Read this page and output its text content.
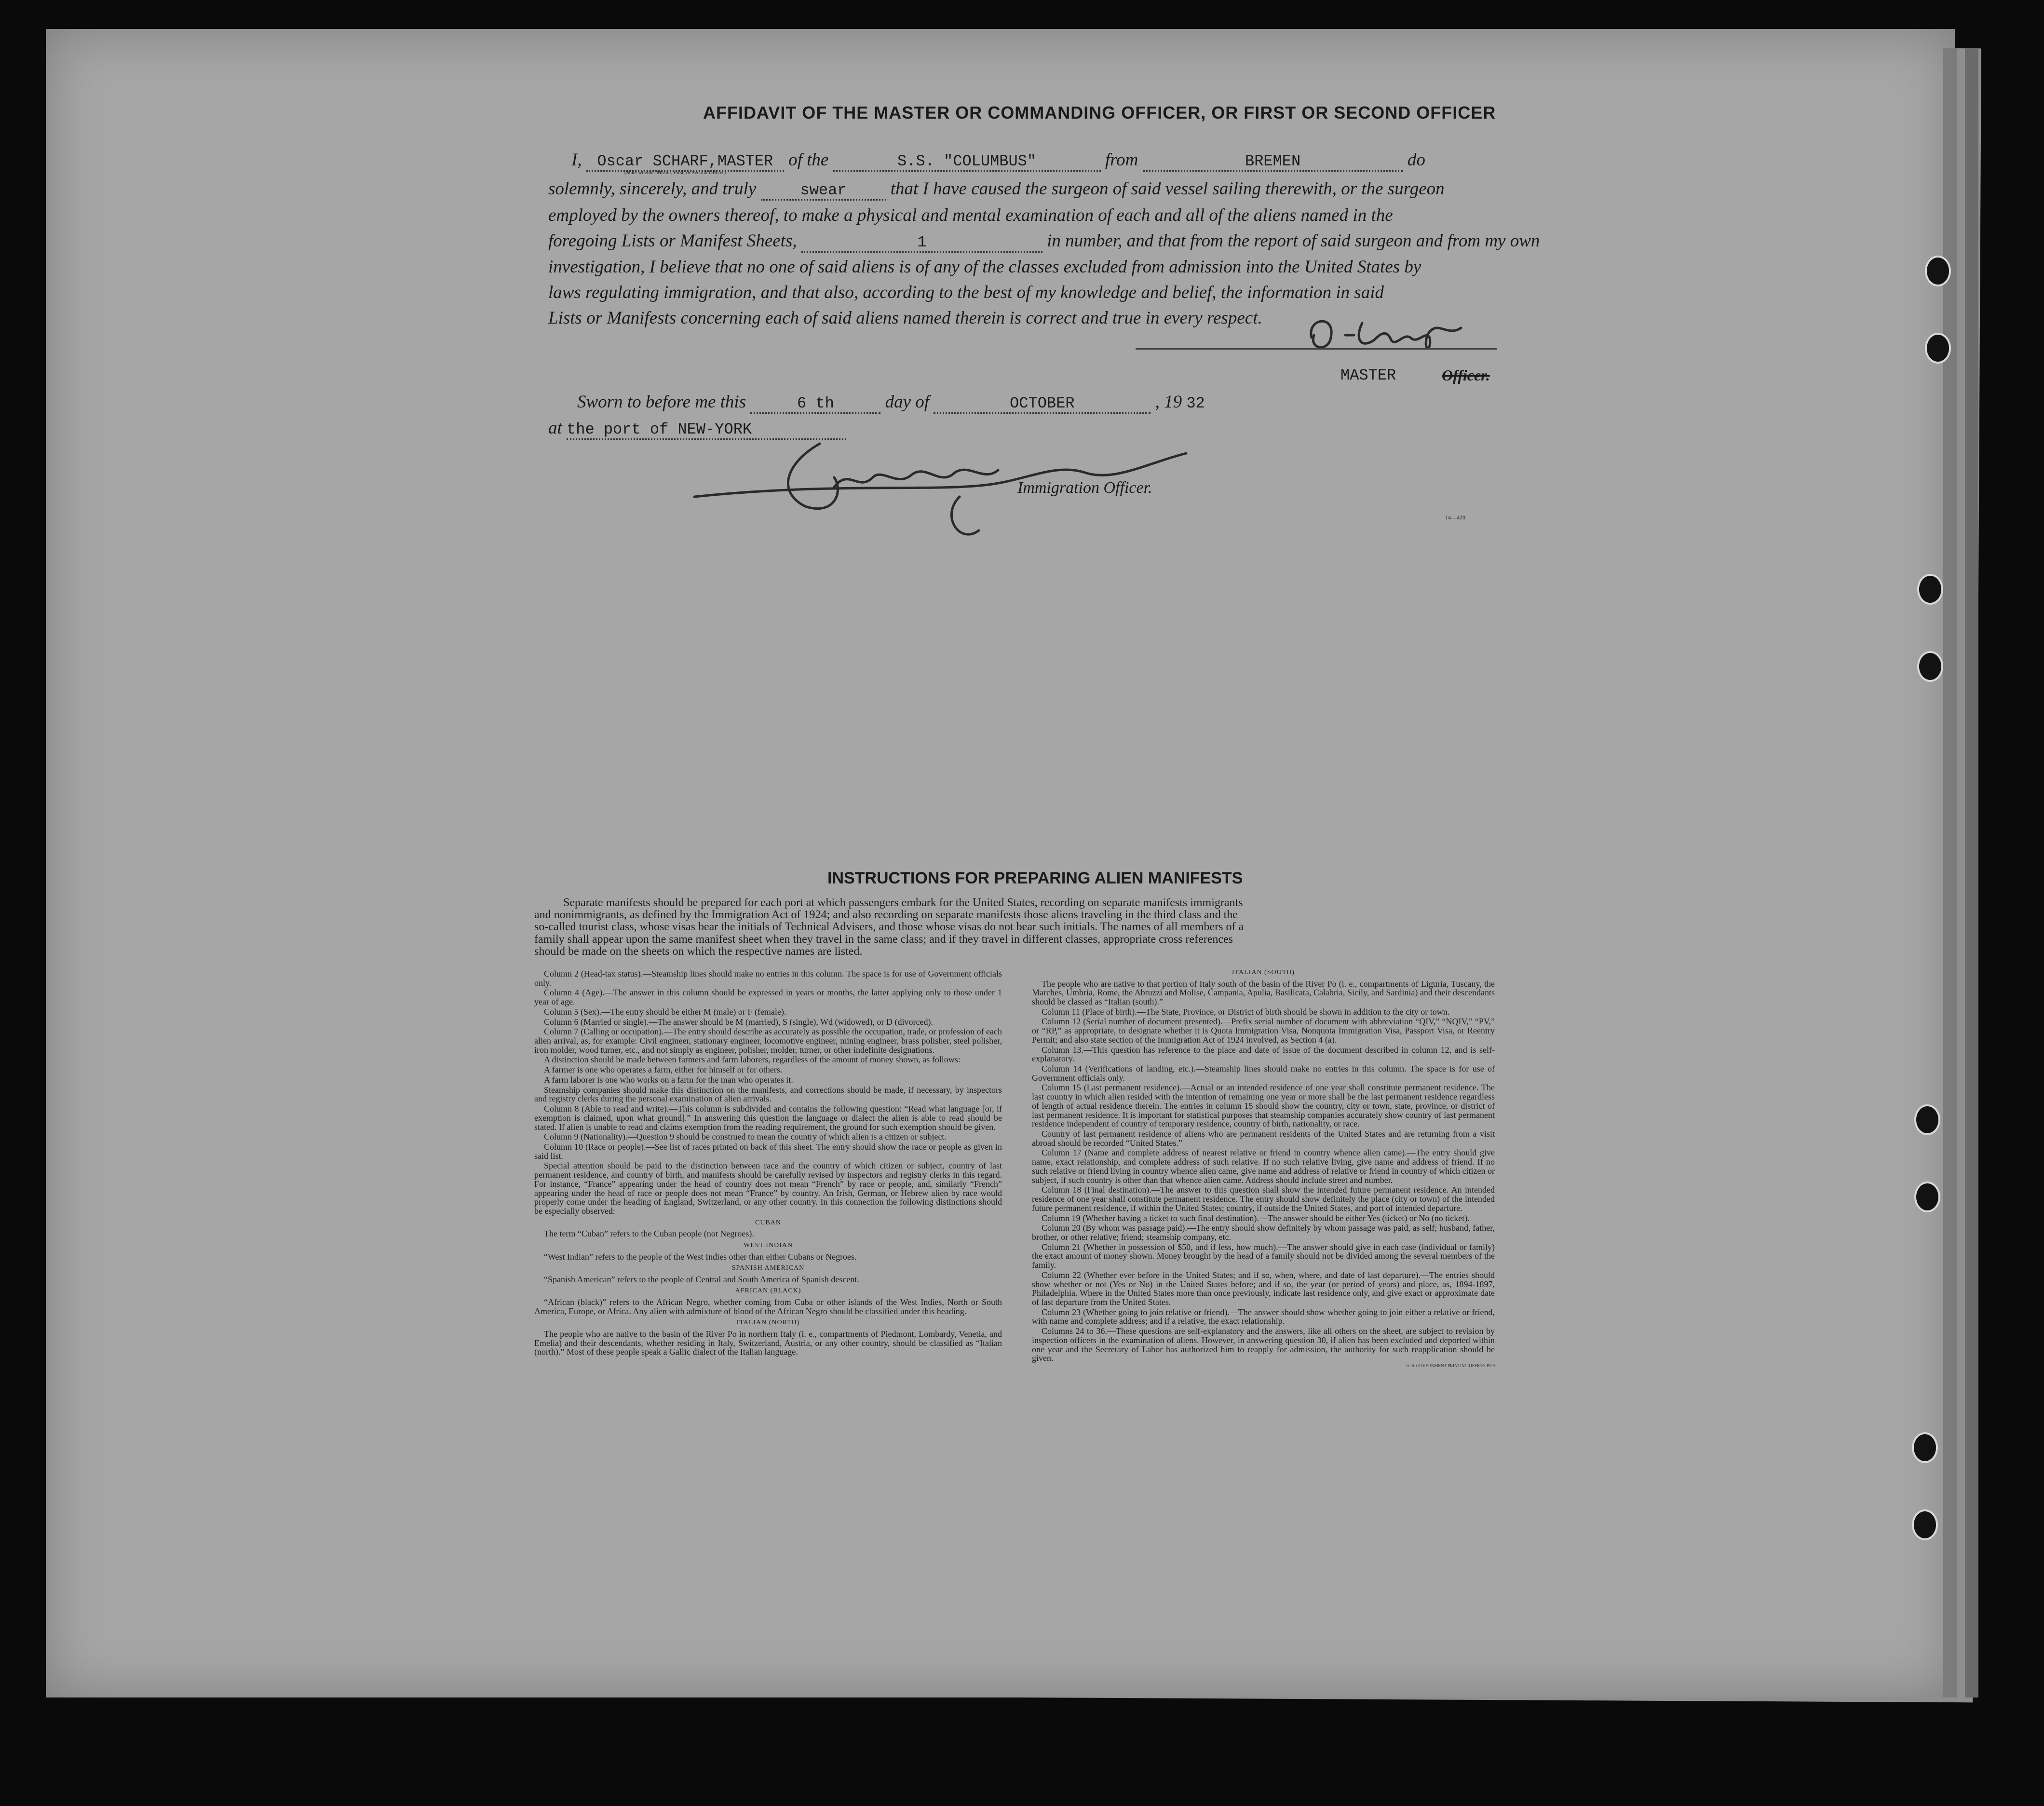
AFFIDAVIT OF THE MASTER OR COMMANDING OFFICER, OR FIRST OR SECOND OFFICER
I, Oscar SCHARF,MASTER of the	S.S. "COLUMBUS"	from	BREMEN	do
(State whether Master, First, or Second Officer)
solemnly, sincerely, and truly	swear that I have caused the surgeon of said vessel sailing therewith, or the surgeon
employed by the owners thereof, to make a physical and mental examination of each and all of the aliens named in the
foregoing Lists or Manifest Sheets,	1	in number, and that from the report of said surgeon and from my own
investigation, I believe that no one of said aliens is of any of the classes excluded from admission into the United States by
laws regulating immigration, and that also, according to the best of my knowledge and belief, the information in said
Lists or Manifests concerning each of said aliens named therein is correct and true in every respect.
MASTER	Officer.
Sworn to before me this	6 th	day of	OCTOBER	, 19 32
at the port of NEW-YORK
Immigration Officer.
14—420
INSTRUCTIONS FOR PREPARING ALIEN MANIFESTS
Separate manifests should be prepared for each port at which passengers embark for the United States, recording on separate manifests immigrants
and nonimmigrants, as defined by the Immigration Act of 1924; and also recording on separate manifests those aliens traveling in the third class and the
so-called tourist class, whose visas bear the initials of Technical Advisers, and those whose visas do not bear such initials. The names of all members of a
family shall appear upon the same manifest sheet when they travel in the same class; and if they travel in different classes, appropriate cross references
should be made on the sheets on which the respective names are listed.

Column 2 (Head-tax status).—Steamship lines should make no entries in this column. The space is for use of Government officials only.

Column 4 (Age).—The answer in this column should be expressed in years or months, the latter applying only to those under 1 year of age.

Column 5 (Sex).—The entry should be either M (male) or F (female).

Column 6 (Married or single).—The answer should be M (married), S (single), Wd (widowed), or D (divorced).

Column 7 (Calling or occupation).—The entry should describe as accurately as possible the occupation, trade, or profession of each alien arrival, as, for example: Civil engineer, stationary engineer, locomotive engineer, mining engineer, brass polisher, steel polisher, iron molder, wood turner, etc., and not simply as engineer, polisher, molder, turner, or other indefinite designations.

A distinction should be made between farmers and farm laborers, regardless of the amount of money shown, as follows:

A farmer is one who operates a farm, either for himself or for others.

A farm laborer is one who works on a farm for the man who operates it.

Steamship companies should make this distinction on the manifests, and corrections should be made, if necessary, by inspectors and registry clerks during the personal examination of alien arrivals.

Column 8 (Able to read and write).—This column is subdivided and contains the following question: “Read what language [or, if exemption is claimed, upon what ground].” In answering this question the language or dialect the alien is able to read should be stated. If alien is unable to read and claims exemption from the reading requirement, the ground for such exemption should be given.

Column 9 (Nationality).—Question 9 should be construed to mean the country of which alien is a citizen or subject.

Column 10 (Race or people).—See list of races printed on back of this sheet. The entry should show the race or people as given in said list.

Special attention should be paid to the distinction between race and the country of which citizen or subject, country of last permanent residence, and country of birth, and manifests should be carefully revised by inspectors and registry clerks in this regard. For instance, “France” appearing under the head of country does not mean “French” by race or people, and, similarly “French” appearing under the head of race or people does not mean “France” by country. An Irish, German, or Hebrew alien by race would properly come under the heading of England, Switzerland, or any other country. In this connection the following distinctions should be especially observed:

CUBAN

The term “Cuban” refers to the Cuban people (not Negroes).

WEST INDIAN

“West Indian” refers to the people of the West Indies other than either Cubans or Negroes.

SPANISH AMERICAN

“Spanish American” refers to the people of Central and South America of Spanish descent.

AFRICAN (BLACK)

“African (black)” refers to the African Negro, whether coming from Cuba or other islands of the West Indies, North or South America, Europe, or Africa. Any alien with admixture of blood of the African Negro should be classified under this heading.

ITALIAN (NORTH)

The people who are native to the basin of the River Po in northern Italy (i. e., compartments of Piedmont, Lombardy, Venetia, and Emelia) and their descendants, whether residing in Italy, Switzerland, Austria, or any other country, should be classified as “Italian (north).” Most of these people speak a Gallic dialect of the Italian language.

ITALIAN (SOUTH)

The people who are native to that portion of Italy south of the basin of the River Po (i. e., compartments of Liguria, Tuscany, the Marches, Umbria, Rome, the Abruzzi and Molise, Campania, Apulia, Basilicata, Calabria, Sicily, and Sardinia) and their descendants should be classed as “Italian (south).”

Column 11 (Place of birth).—The State, Province, or District of birth should be shown in addition to the city or town.

Column 12 (Serial number of document presented).—Prefix serial number of document with abbreviation “QIV,” “NQIV,” “PV,” or “RP,” as appropriate, to designate whether it is Quota Immigration Visa, Nonquota Immigration Visa, Passport Visa, or Reentry Permit; and also state section of the Immigration Act of 1924 involved, as Section 4 (a).

Column 13.—This question has reference to the place and date of issue of the document described in column 12, and is self-explanatory.

Column 14 (Verifications of landing, etc.).—Steamship lines should make no entries in this column. The space is for use of Government officials only.

Column 15 (Last permanent residence).—Actual or an intended residence of one year shall constitute permanent residence. The last country in which alien resided with the intention of remaining one year or more shall be the last permanent residence regardless of length of actual residence therein. The entries in column 15 should show the country, city or town, state, province, or district of last permanent residence. It is important for statistical purposes that steamship companies accurately show country of last permanent residence independent of country of temporary residence, country of birth, nationality, or race.

Country of last permanent residence of aliens who are permanent residents of the United States and are returning from a visit abroad should be recorded “United States.”

Column 17 (Name and complete address of nearest relative or friend in country whence alien came).—The entry should give name, exact relationship, and complete address of such relative. If no such relative living, give name and address of friend. If no such relative or friend living in country whence alien came, give name and address of relative or friend in country of which citizen or subject, if such country is other than that whence alien came. Address should include street and number.

Column 18 (Final destination).—The answer to this question shall show the intended future permanent residence. An intended residence of one year shall constitute permanent residence. The entry should show definitely the place (city or town) of the intended future permanent residence, if within the United States; country, if outside the United States, and port of intended departure.

Column 19 (Whether having a ticket to such final destination).—The answer should be either Yes (ticket) or No (no ticket).

Column 20 (By whom was passage paid).—The entry should show definitely by whom passage was paid, as self; husband, father, brother, or other relative; friend; steamship company, etc.

Column 21 (Whether in possession of $50, and if less, how much).—The answer should give in each case (individual or family) the exact amount of money shown. Money brought by the head of a family should not be divided among the several members of the family.

Column 22 (Whether ever before in the United States; and if so, when, where, and date of last departure).—The entries should show whether or not (Yes or No) in the United States before; and if so, the year (or period of years) and place, as, 1894-1897, Philadelphia. Where in the United States more than once previously, indicate last residence only, and give exact or approximate date of last departure from the United States.

Column 23 (Whether going to join relative or friend).—The answer should show whether going to join either a relative or friend, with name and complete address; and if a relative, the exact relationship.

Columns 24 to 36.—These questions are self-explanatory and the answers, like all others on the sheet, are subject to revision by inspection officers in the examination of aliens. However, in answering question 30, if alien has been excluded and deported within one year and the Secretary of Labor has authorized him to reapply for admission, the authority for such reapplication should be given.

U. S. GOVERNMENT PRINTING OFFICE: 1929
